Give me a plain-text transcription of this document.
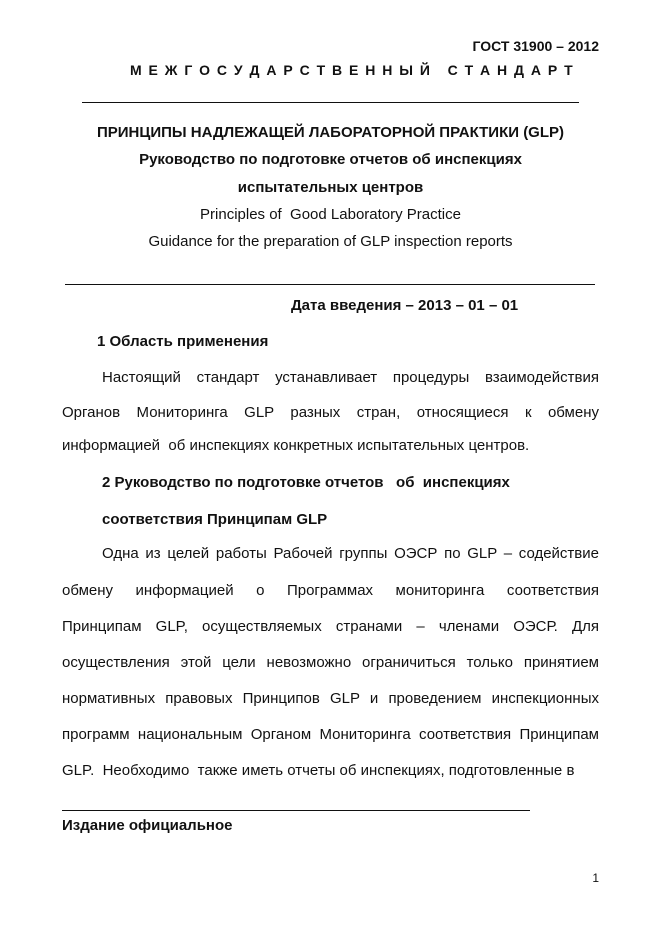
ГОСТ 31900 – 2012
М Е Ж Г О С У Д А Р С Т В Е Н Н Ы Й   С Т А Н Д А Р Т
ПРИНЦИПЫ НАДЛЕЖАЩЕЙ ЛАБОРАТОРНОЙ ПРАКТИКИ (GLP)
Руководство по подготовке отчетов об инспекциях
испытательных центров
Principles of  Good Laboratory Practice
Guidance for the preparation of GLP inspection reports
Дата введения – 2013 – 01 – 01
1 Область применения
Настоящий стандарт устанавливает процедуры взаимодействия
Органов Мониторинга GLP разных стран, относящиеся к обмену
информацией  об инспекциях конкретных испытательных центров.
2 Руководство по подготовке отчетов   об  инспекциях
соответствия Принципам GLP
Одна из целей работы Рабочей группы ОЭСР по GLP – содействие
обмену информацией о Программах мониторинга соответствия
Принципам GLP, осуществляемых странами – членами ОЭСР. Для
осуществления этой цели невозможно ограничиться только принятием
нормативных правовых Принципов GLP и проведением инспекционных
программ национальным Органом Мониторинга соответствия Принципам
GLP.  Необходимо  также иметь отчеты об инспекциях, подготовленные в
Издание официальное
1
